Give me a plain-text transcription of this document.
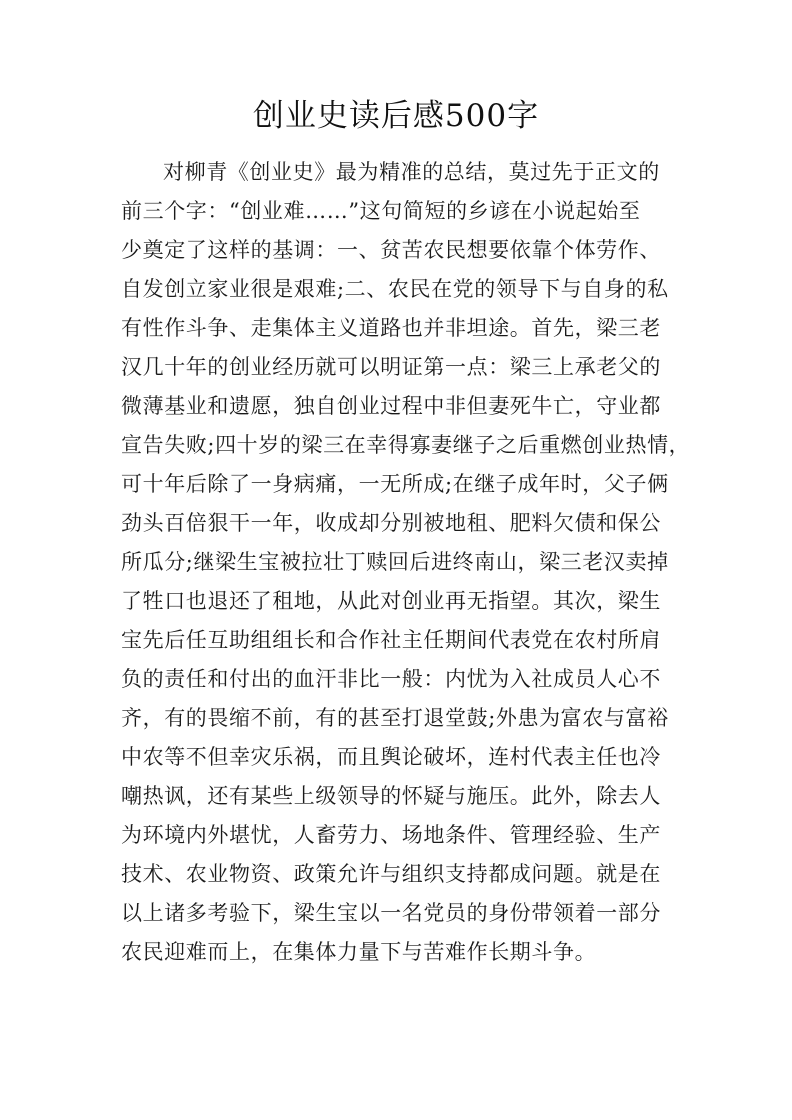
创业史读后感500字
对柳青《创业史》最为精准的总结，莫过先于正文的
前三个字：“创业难……”这句简短的乡谚在小说起始至
少奠定了这样的基调：一、贫苦农民想要依靠个体劳作、
自发创立家业很是艰难;二、农民在党的领导下与自身的私
有性作斗争、走集体主义道路也并非坦途。首先，梁三老
汉几十年的创业经历就可以明证第一点：梁三上承老父的
微薄基业和遗愿，独自创业过程中非但妻死牛亡，守业都
宣告失败;四十岁的梁三在幸得寡妻继子之后重燃创业热情，
可十年后除了一身病痛，一无所成;在继子成年时，父子俩
劲头百倍狠干一年，收成却分别被地租、肥料欠债和保公
所瓜分;继梁生宝被拉壮丁赎回后进终南山，梁三老汉卖掉
了牲口也退还了租地，从此对创业再无指望。其次，梁生
宝先后任互助组组长和合作社主任期间代表党在农村所肩
负的责任和付出的血汗非比一般：内忧为入社成员人心不
齐，有的畏缩不前，有的甚至打退堂鼓;外患为富农与富裕
中农等不但幸灾乐祸，而且舆论破坏，连村代表主任也冷
嘲热讽，还有某些上级领导的怀疑与施压。此外，除去人
为环境内外堪忧，人畜劳力、场地条件、管理经验、生产
技术、农业物资、政策允许与组织支持都成问题。就是在
以上诸多考验下，梁生宝以一名党员的身份带领着一部分
农民迎难而上，在集体力量下与苦难作长期斗争。
